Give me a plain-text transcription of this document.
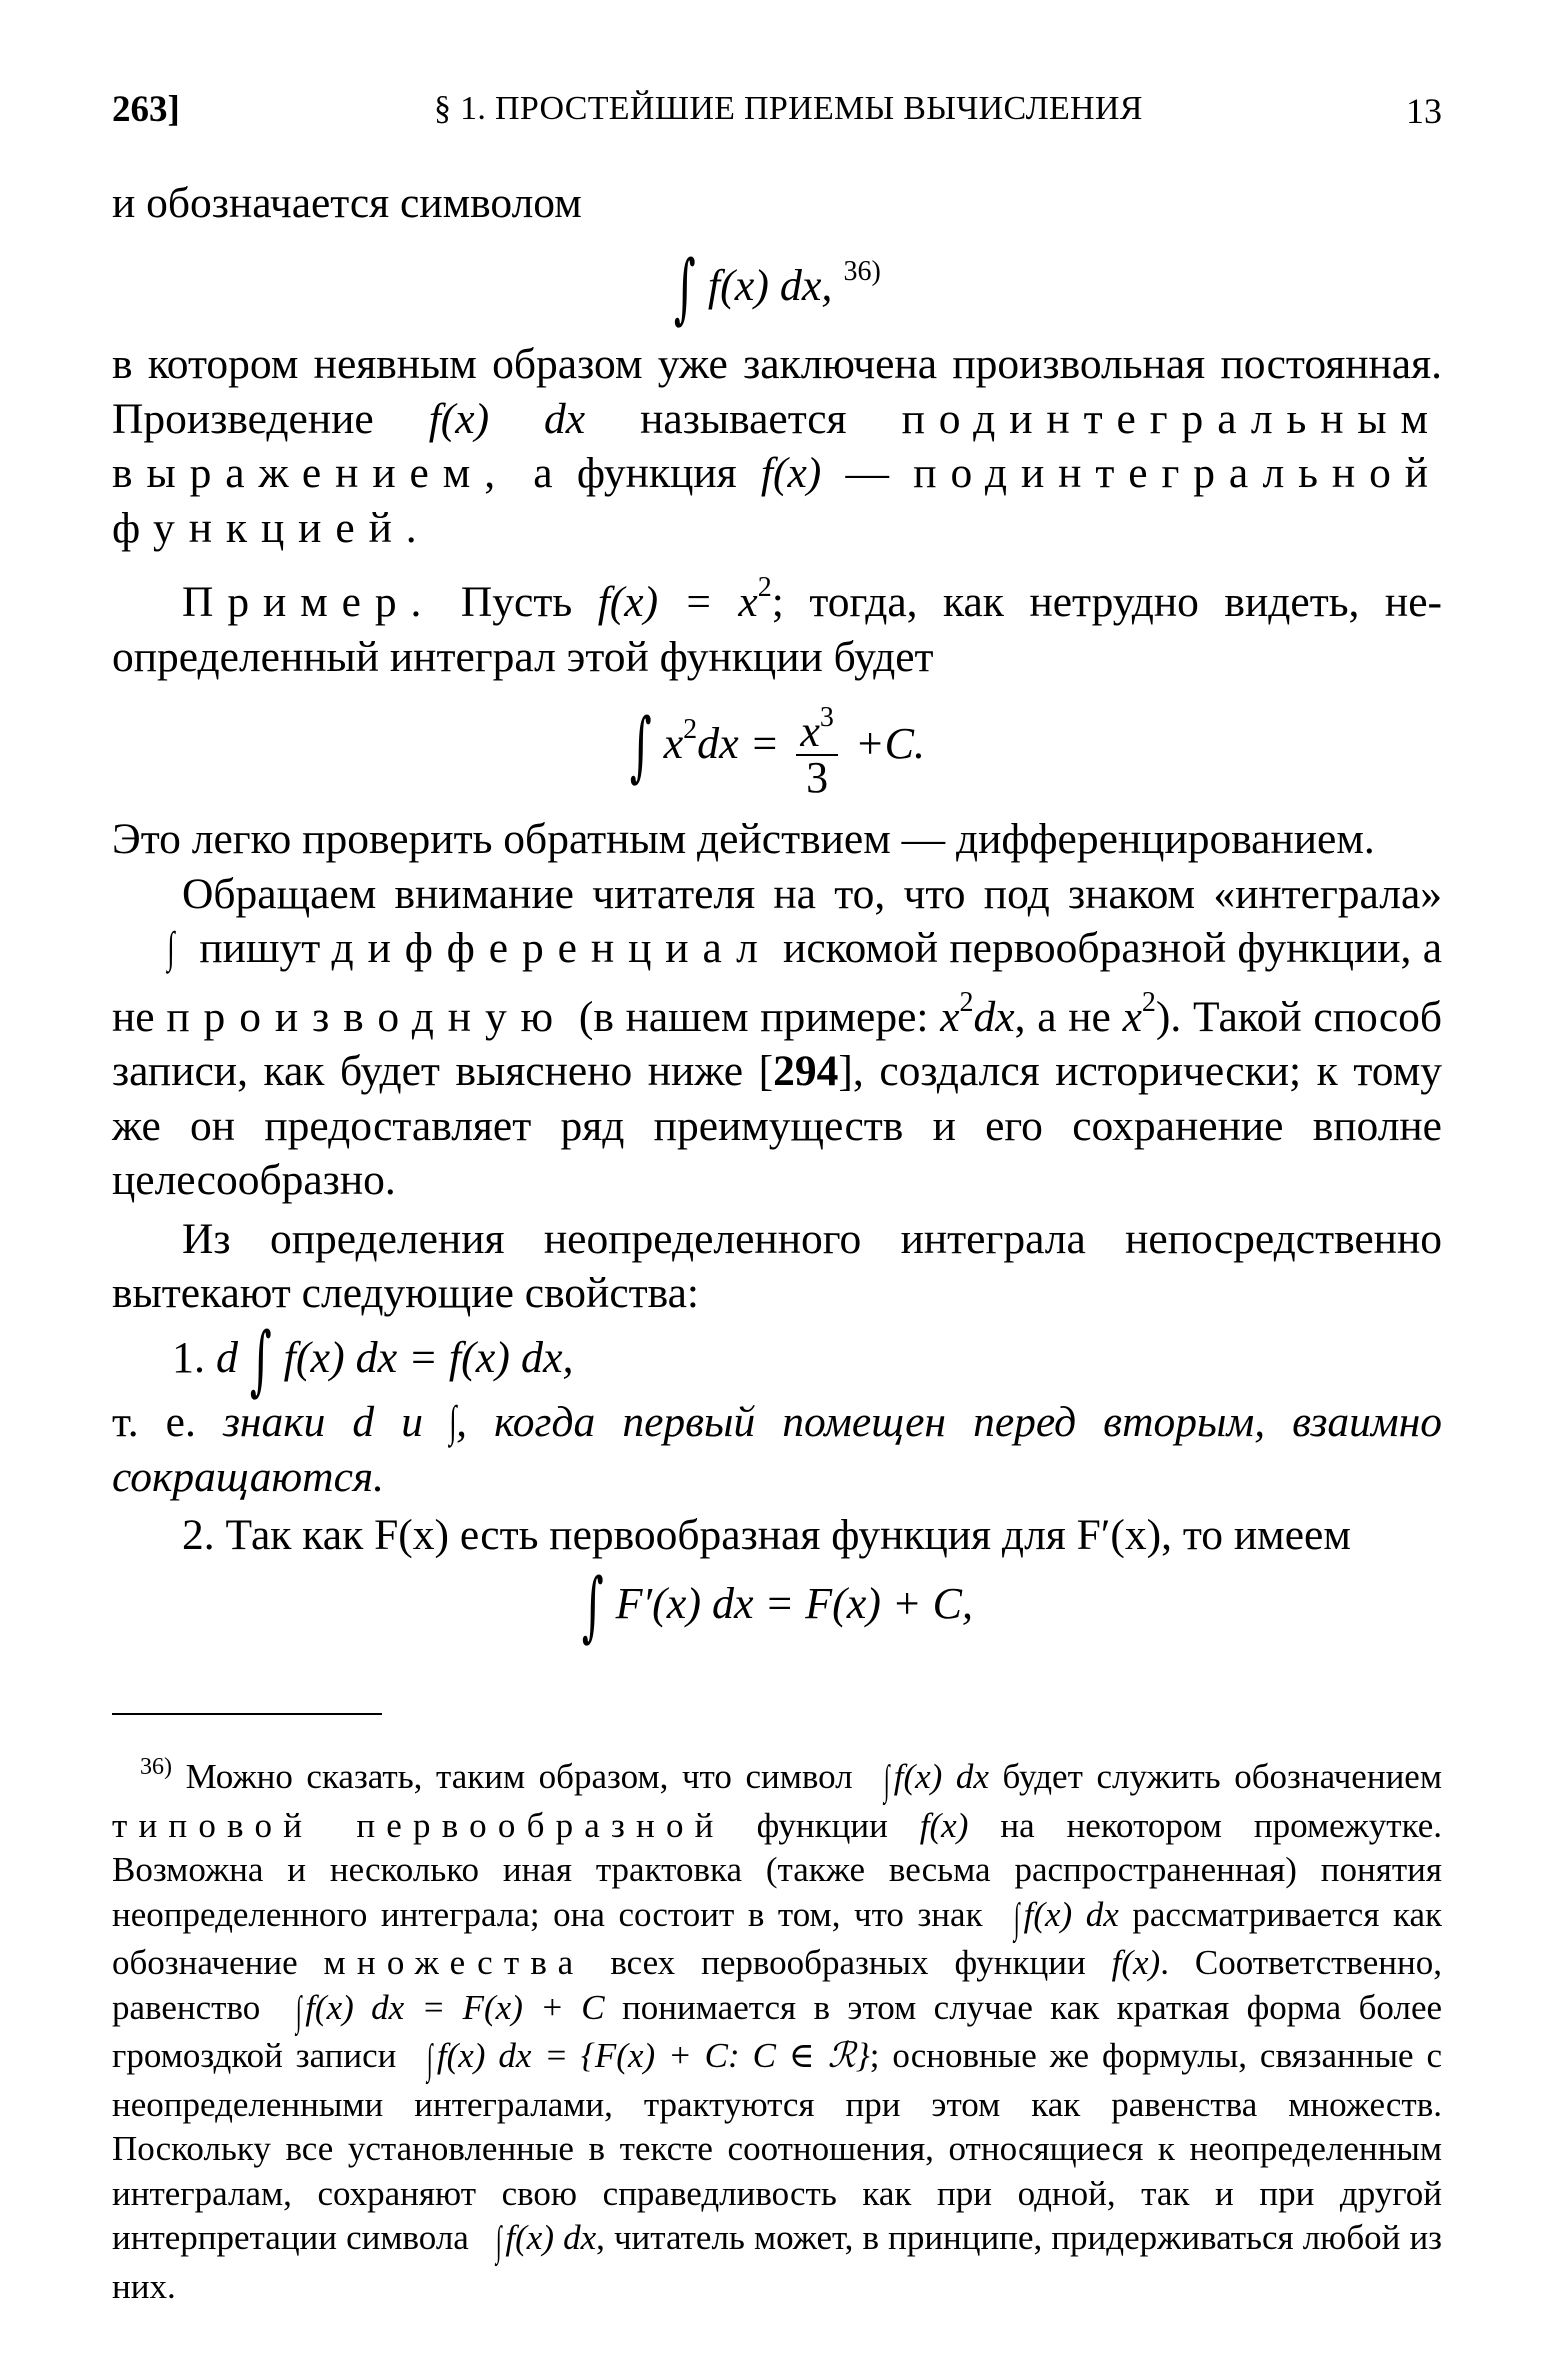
263]	§ 1. ПРОСТЕЙШИЕ ПРИЕМЫ ВЫЧИСЛЕНИЯ	13

и обозначается символом

∫ f(x) dx, $^{36)}$

в котором неявным образом уже заключена произвольная постоянная. Произведение f(x) dx называется подинтегральным выражением, а функция f(x) — подинтегральной функцией.

Пример. Пусть $f(x) = x^2$; тогда, как нетрудно видеть, неопределенный интеграл этой функции будет

∫ $x^2dx = \frac{x^3}{3} +C$.

Это легко проверить обратным действием — дифференцированием.

Обращаем внимание читателя на то, что под знаком «интеграла» ∫ пишут дифференциал искомой первообразной функции, а не производную (в нашем примере: $x^2dx$, а не $x^2$). Такой способ записи, как будет выяснено ниже [294], создался исторически; к тому же он предоставляет ряд преимуществ и его сохранение вполне целесообразно.

Из определения неопределенного интеграла непосредственно вытекают следующие свойства:

1. d ∫ f(x) dx = f(x) dx,

т. е. знаки d и ∫, когда первый помещен перед вторым, взаимно сокращаются.

2. Так как F(x) есть первообразная функция для F′(x), то имеем

∫ F′(x) dx = F(x) + C,

$^{36)}$ Можно сказать, таким образом, что символ ∫ f(x) dx будет служить обозначением типовой первообразной функции f(x) на некотором промежутке. Возможна и несколько иная трактовка (также весьма распространенная) понятия неопределенного интеграла; она состоит в том, что знак ∫ f(x) dx рассматривается как обозначение множества всех первообразных функции f(x). Соответственно, равенство ∫ f(x) dx = F(x) + C понимается в этом случае как краткая форма более громоздкой записи ∫ f(x) dx = {F(x) + C: C ∈ ℛ}; основные же формулы, связанные с неопределенными интегралами, трактуются при этом как равенства множеств. Поскольку все установленные в тексте соотношения, относящиеся к неопределенным интегралам, сохраняют свою справедливость как при одной, так и при другой интерпретации символа ∫ f(x) dx, читатель может, в принципе, придерживаться любой из них.
